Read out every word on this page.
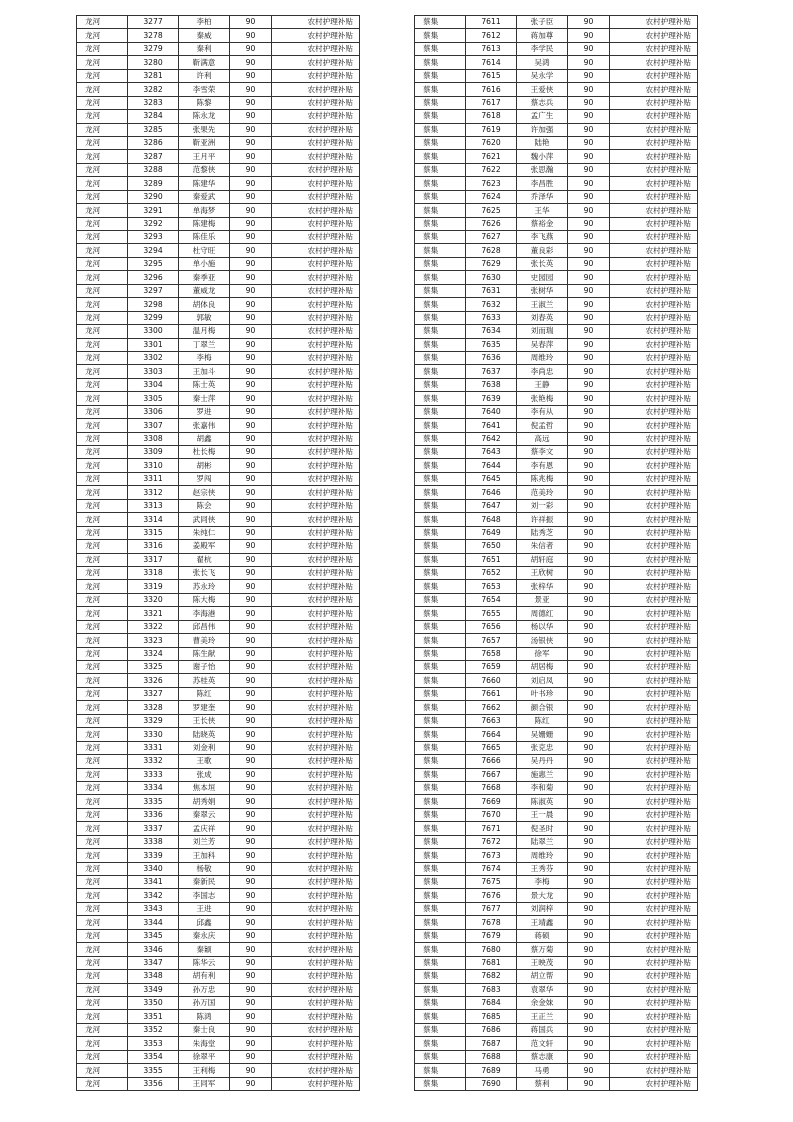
龙河	3277	李柏	90	农村护理补贴
龙河	3278	秦威	90	农村护理补贴
龙河	3279	秦利	90	农村护理补贴
龙河	3280	靳满意	90	农村护理补贴
龙河	3281	许利	90	农村护理补贴
龙河	3282	李雪荣	90	农村护理补贴
龙河	3283	陈黎	90	农村护理补贴
龙河	3284	陈永龙	90	农村护理补贴
龙河	3285	张果先	90	农村护理补贴
龙河	3286	靳亚洲	90	农村护理补贴
龙河	3287	王月平	90	农村护理补贴
龙河	3288	范黎侠	90	农村护理补贴
龙河	3289	陈建华	90	农村护理补贴
龙河	3290	秦爱武	90	农村护理补贴
龙河	3291	单海梦	90	农村护理补贴
龙河	3292	陈建梅	90	农村护理补贴
龙河	3293	陈佳乐	90	农村护理补贴
龙河	3294	杜守旺	90	农村护理补贴
龙河	3295	单小施	90	农村护理补贴
龙河	3296	秦季亚	90	农村护理补贴
龙河	3297	董威龙	90	农村护理补贴
龙河	3298	胡体良	90	农村护理补贴
龙河	3299	郭敏	90	农村护理补贴
龙河	3300	温月梅	90	农村护理补贴
龙河	3301	丁翠兰	90	农村护理补贴
龙河	3302	李梅	90	农村护理补贴
龙河	3303	王加斗	90	农村护理补贴
龙河	3304	陈士英	90	农村护理补贴
龙河	3305	秦士萍	90	农村护理补贴
龙河	3306	罗进	90	农村护理补贴
龙河	3307	张嘉伟	90	农村护理补贴
龙河	3308	胡鑫	90	农村护理补贴
龙河	3309	杜长梅	90	农村护理补贴
龙河	3310	胡彬	90	农村护理补贴
龙河	3311	罗闯	90	农村护理补贴
龙河	3312	赵宗侠	90	农村护理补贴
龙河	3313	陈会	90	农村护理补贴
龙河	3314	武同侠	90	农村护理补贴
龙河	3315	朱纯仁	90	农村护理补贴
龙河	3316	姜殿军	90	农村护理补贴
龙河	3317	翟杭	90	农村护理补贴
龙河	3318	张长飞	90	农村护理补贴
龙河	3319	苏永玲	90	农村护理补贴
龙河	3320	陈大梅	90	农村护理补贴
龙河	3321	李海港	90	农村护理补贴
龙河	3322	邱昌伟	90	农村护理补贴
龙河	3323	曹美玲	90	农村护理补贴
龙河	3324	陈生献	90	农村护理补贴
龙河	3325	谢子怡	90	农村护理补贴
龙河	3326	苏桂英	90	农村护理补贴
龙河	3327	陈红	90	农村护理补贴
龙河	3328	罗建奎	90	农村护理补贴
龙河	3329	王长侠	90	农村护理补贴
龙河	3330	陆晓英	90	农村护理补贴
龙河	3331	刘金利	90	农村护理补贴
龙河	3332	王歌	90	农村护理补贴
龙河	3333	张成	90	农村护理补贴
龙河	3334	焦本垣	90	农村护理补贴
龙河	3335	胡秀娟	90	农村护理补贴
龙河	3336	秦翠云	90	农村护理补贴
龙河	3337	孟庆祥	90	农村护理补贴
龙河	3338	刘兰芳	90	农村护理补贴
龙河	3339	王加科	90	农村护理补贴
龙河	3340	杨敬	90	农村护理补贴
龙河	3341	秦新民	90	农村护理补贴
龙河	3342	李国志	90	农村护理补贴
龙河	3343	王进	90	农村护理补贴
龙河	3344	邱鑫	90	农村护理补贴
龙河	3345	秦永庆	90	农村护理补贴
龙河	3346	秦颖	90	农村护理补贴
龙河	3347	陈华云	90	农村护理补贴
龙河	3348	胡有利	90	农村护理补贴
龙河	3349	孙万忠	90	农村护理补贴
龙河	3350	孙万国	90	农村护理补贴
龙河	3351	陈鸿	90	农村护理补贴
龙河	3352	秦士良	90	农村护理补贴
龙河	3353	朱海堂	90	农村护理补贴
龙河	3354	徐翠平	90	农村护理补贴
龙河	3355	王利梅	90	农村护理补贴
龙河	3356	王同军	90	农村护理补贴
蔡集	7611	张子臣	90	农村护理补贴
蔡集	7612	蒋加尊	90	农村护理补贴
蔡集	7613	李学民	90	农村护理补贴
蔡集	7614	吴鸿	90	农村护理补贴
蔡集	7615	吴永学	90	农村护理补贴
蔡集	7616	王爱侠	90	农村护理补贴
蔡集	7617	蔡志兵	90	农村护理补贴
蔡集	7618	孟广生	90	农村护理补贴
蔡集	7619	许加强	90	农村护理补贴
蔡集	7620	陆艳	90	农村护理补贴
蔡集	7621	魏小萍	90	农村护理补贴
蔡集	7622	张思瀚	90	农村护理补贴
蔡集	7623	李昌胜	90	农村护理补贴
蔡集	7624	乔泽华	90	农村护理补贴
蔡集	7625	王华	90	农村护理补贴
蔡集	7626	蔡裕金	90	农村护理补贴
蔡集	7627	李飞燕	90	农村护理补贴
蔡集	7628	董良彩	90	农村护理补贴
蔡集	7629	张长英	90	农村护理补贴
蔡集	7630	史园园	90	农村护理补贴
蔡集	7631	张树华	90	农村护理补贴
蔡集	7632	王淑兰	90	农村护理补贴
蔡集	7633	刘春英	90	农村护理补贴
蔡集	7634	刘而瑞	90	农村护理补贴
蔡集	7635	吴春萍	90	农村护理补贴
蔡集	7636	周维玲	90	农村护理补贴
蔡集	7637	李尚忠	90	农村护理补贴
蔡集	7638	王静	90	农村护理补贴
蔡集	7639	张艳梅	90	农村护理补贴
蔡集	7640	李有从	90	农村护理补贴
蔡集	7641	倪孟哲	90	农村护理补贴
蔡集	7642	高远	90	农村护理补贴
蔡集	7643	蔡李文	90	农村护理补贴
蔡集	7644	李有恩	90	农村护理补贴
蔡集	7645	陈兆梅	90	农村护理补贴
蔡集	7646	范美玲	90	农村护理补贴
蔡集	7647	刘一彩	90	农村护理补贴
蔡集	7648	许祥振	90	农村护理补贴
蔡集	7649	陆秀芝	90	农村护理补贴
蔡集	7650	朱信者	90	农村护理补贴
蔡集	7651	胡轩庭	90	农村护理补贴
蔡集	7652	王欣树	90	农村护理补贴
蔡集	7653	张梓华	90	农村护理补贴
蔡集	7654	景亚	90	农村护理补贴
蔡集	7655	周德红	90	农村护理补贴
蔡集	7656	杨以华	90	农村护理补贴
蔡集	7657	汤银侠	90	农村护理补贴
蔡集	7658	徐军	90	农村护理补贴
蔡集	7659	胡居梅	90	农村护理补贴
蔡集	7660	刘启凤	90	农村护理补贴
蔡集	7661	叶书珍	90	农村护理补贴
蔡集	7662	颜合银	90	农村护理补贴
蔡集	7663	陈红	90	农村护理补贴
蔡集	7664	吴姗姗	90	农村护理补贴
蔡集	7665	张克忠	90	农村护理补贴
蔡集	7666	吴丹丹	90	农村护理补贴
蔡集	7667	施惠兰	90	农村护理补贴
蔡集	7668	李和菊	90	农村护理补贴
蔡集	7669	陈淑英	90	农村护理补贴
蔡集	7670	王一晨	90	农村护理补贴
蔡集	7671	倪圣时	90	农村护理补贴
蔡集	7672	陆翠兰	90	农村护理补贴
蔡集	7673	周维玲	90	农村护理补贴
蔡集	7674	王秀芬	90	农村护理补贴
蔡集	7675	李梅	90	农村护理补贴
蔡集	7676	景大龙	90	农村护理补贴
蔡集	7677	刘润梓	90	农村护理补贴
蔡集	7678	王靖鑫	90	农村护理补贴
蔡集	7679	蒋硕	90	农村护理补贴
蔡集	7680	蔡万菊	90	农村护理补贴
蔡集	7681	王映茂	90	农村护理补贴
蔡集	7682	胡立帮	90	农村护理补贴
蔡集	7683	袁翠华	90	农村护理补贴
蔡集	7684	余金妹	90	农村护理补贴
蔡集	7685	王正兰	90	农村护理补贴
蔡集	7686	蒋国兵	90	农村护理补贴
蔡集	7687	范文轩	90	农村护理补贴
蔡集	7688	蔡志康	90	农村护理补贴
蔡集	7689	马勇	90	农村护理补贴
蔡集	7690	蔡利	90	农村护理补贴
